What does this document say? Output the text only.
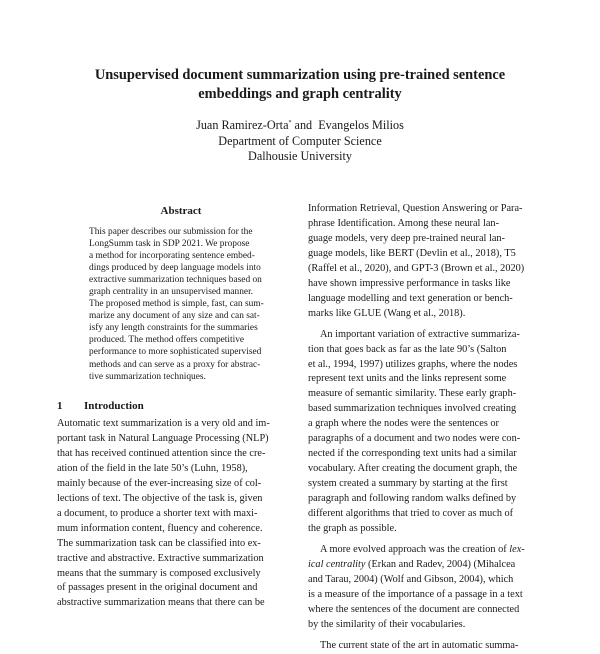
Unsupervised document summarization using pre-trained sentence
embeddings and graph centrality
Juan Ramirez-Orta* and Evangelos Milios
Department of Computer Science
Dalhousie University
Abstract
This paper describes our submission for the
LongSumm task in SDP 2021. We propose
a method for incorporating sentence embed-
dings produced by deep language models into
extractive summarization techniques based on
graph centrality in an unsupervised manner.
The proposed method is simple, fast, can sum-
marize any document of any size and can sat-
isfy any length constraints for the summaries
produced. The method offers competitive
performance to more sophisticated supervised
methods and can serve as a proxy for abstrac-
tive summarization techniques.
1 Introduction
Automatic text summarization is a very old and im-
portant task in Natural Language Processing (NLP)
that has received continued attention since the cre-
ation of the field in the late 50’s (Luhn, 1958),
mainly because of the ever-increasing size of col-
lections of text. The objective of the task is, given
a document, to produce a shorter text with maxi-
mum information content, fluency and coherence.
The summarization task can be classified into ex-
tractive and abstractive. Extractive summarization
means that the summary is composed exclusively
of passages present in the original document and
abstractive summarization means that there can be
Information Retrieval, Question Answering or Para-
phrase Identification. Among these neural lan-
guage models, very deep pre-trained neural lan-
guage models, like BERT (Devlin et al., 2018), T5
(Raffel et al., 2020), and GPT-3 (Brown et al., 2020)
have shown impressive performance in tasks like
language modelling and text generation or bench-
marks like GLUE (Wang et al., 2018).
An important variation of extractive summariza-
tion that goes back as far as the late 90’s (Salton
et al., 1994, 1997) utilizes graphs, where the nodes
represent text units and the links represent some
measure of semantic similarity. These early graph-
based summarization techniques involved creating
a graph where the nodes were the sentences or
paragraphs of a document and two nodes were con-
nected if the corresponding text units had a similar
vocabulary. After creating the document graph, the
system created a summary by starting at the first
paragraph and following random walks defined by
different algorithms that tried to cover as much of
the graph as possible.
A more evolved approach was the creation of lex-
ical centrality (Erkan and Radev, 2004) (Mihalcea
and Tarau, 2004) (Wolf and Gibson, 2004), which
is a measure of the importance of a passage in a text
where the sentences of the document are connected
by the similarity of their vocabularies.
The current state of the art in automatic summa-
